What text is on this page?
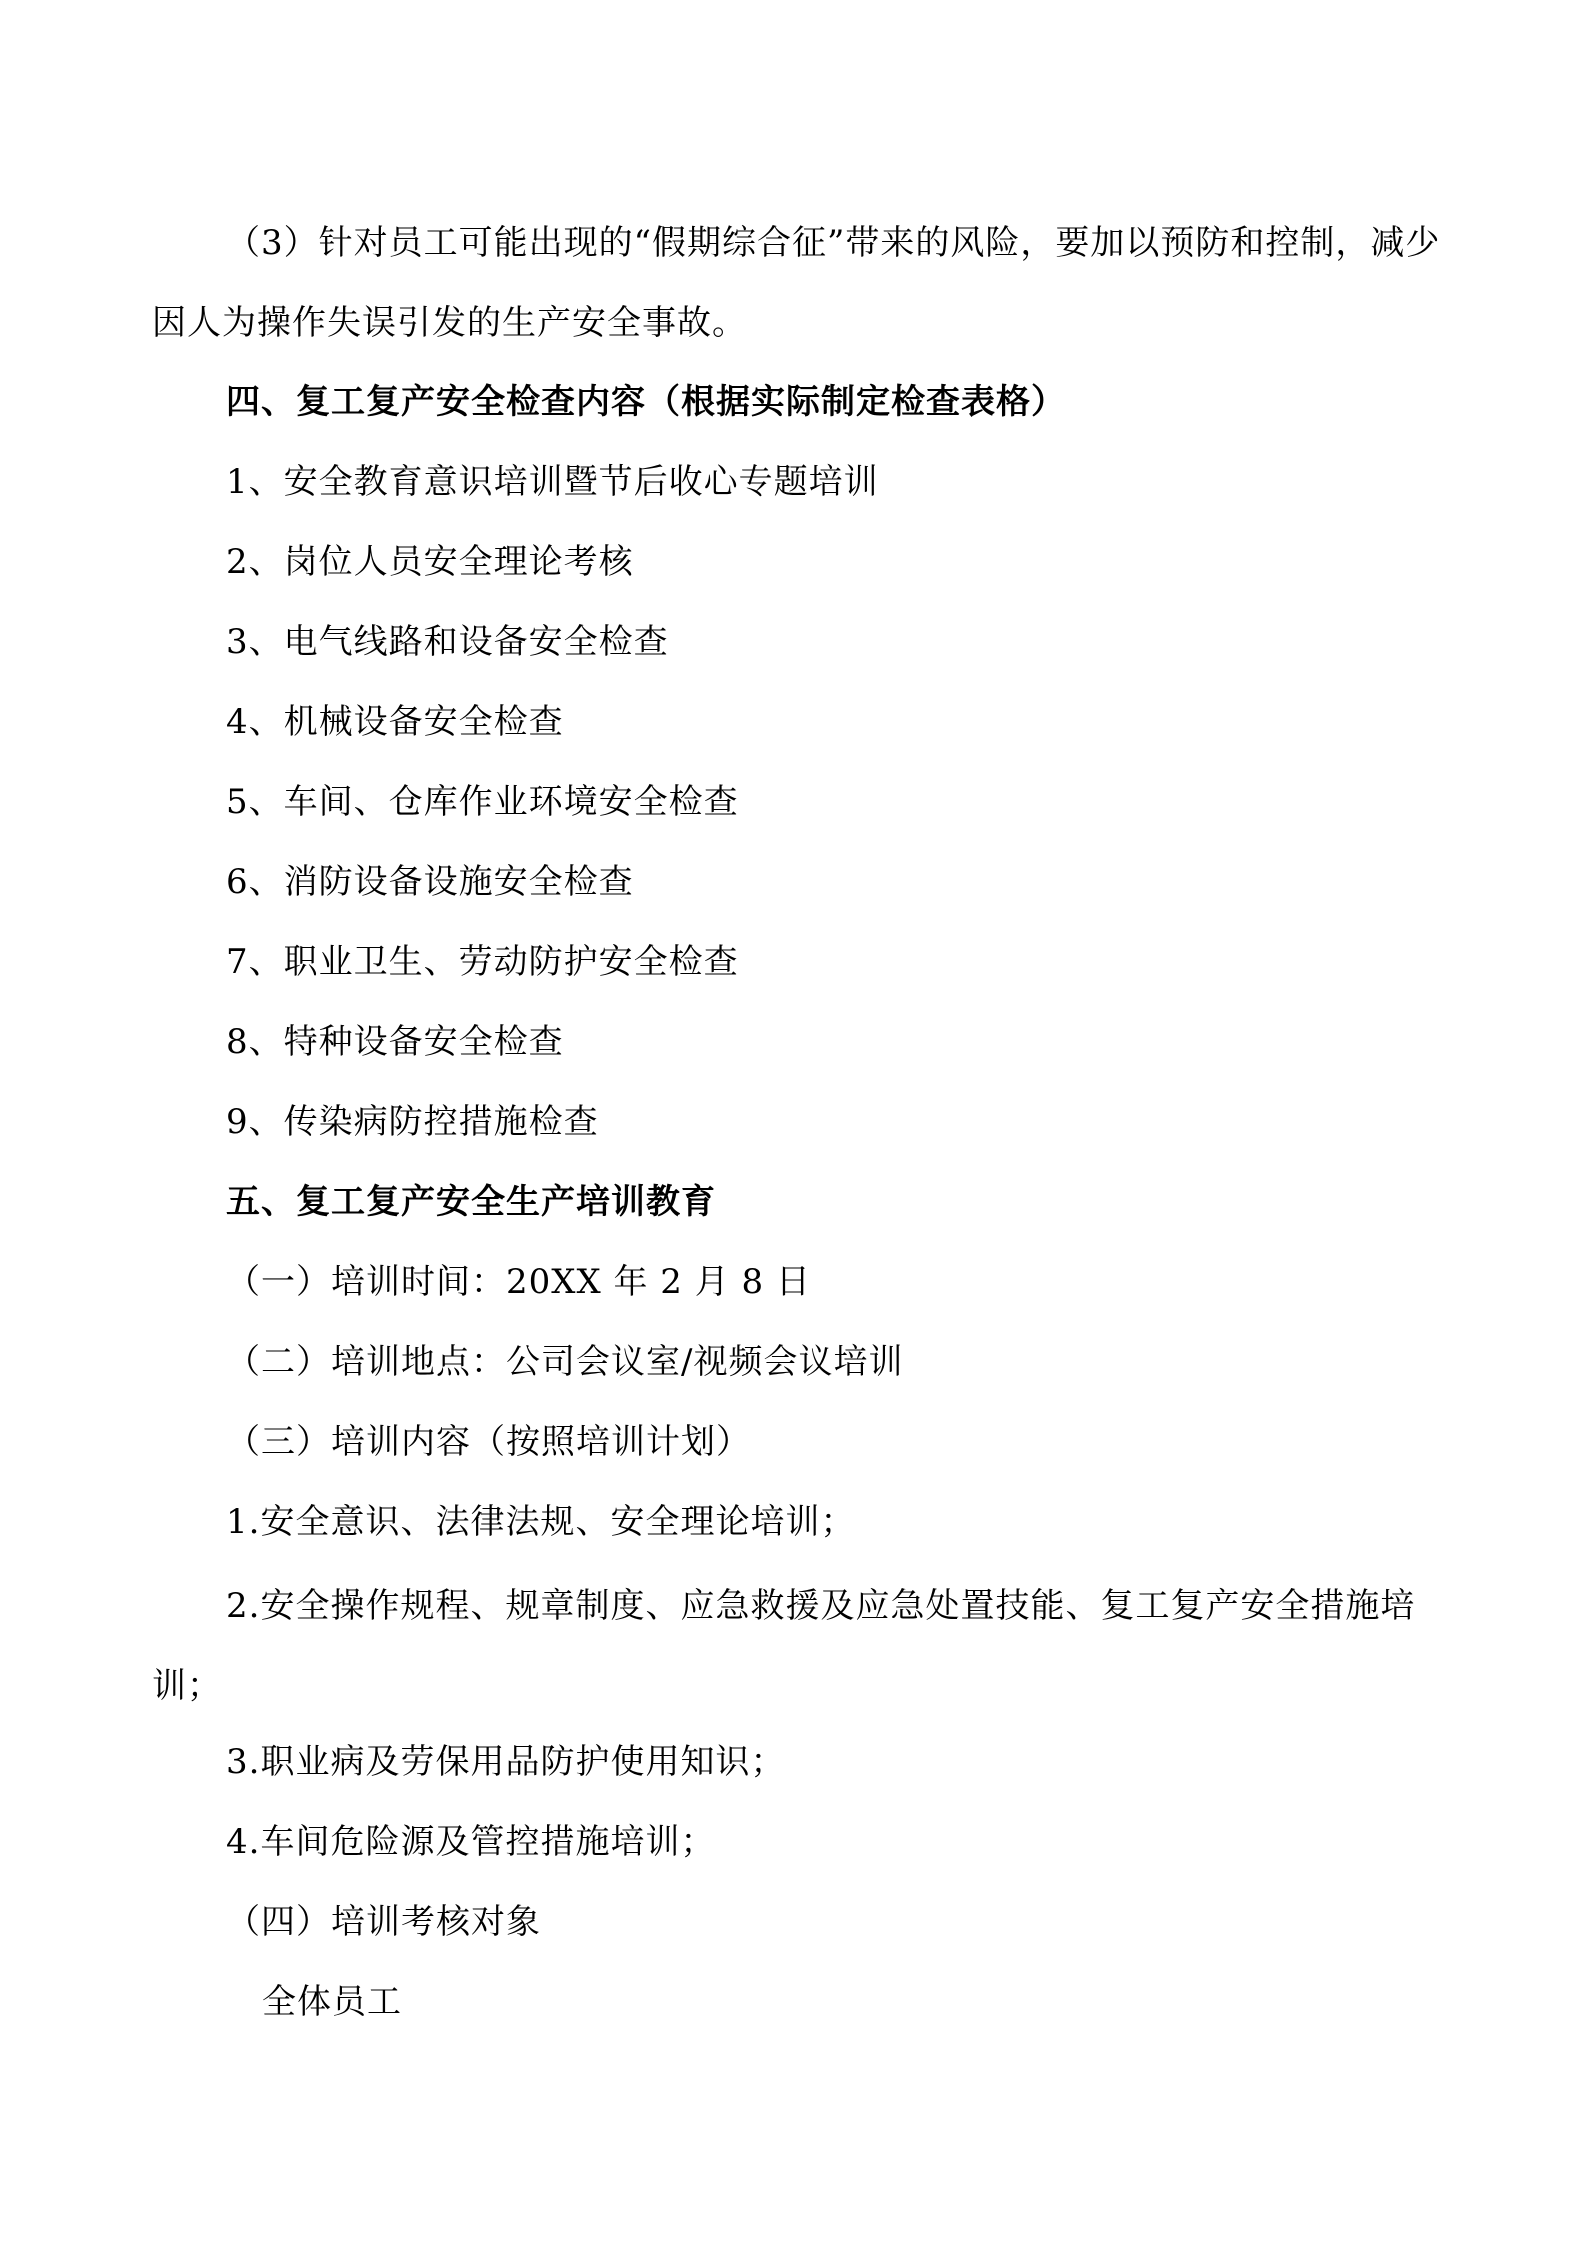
（3）针对员工可能出现的“假期综合征”带来的风险，要加以预防和控制，减少因人为操作失误引发的生产安全事故。
四、复工复产安全检查内容（根据实际制定检查表格）
1、安全教育意识培训暨节后收心专题培训
2、岗位人员安全理论考核
3、电气线路和设备安全检查
4、机械设备安全检查
5、车间、仓库作业环境安全检查
6、消防设备设施安全检查
7、职业卫生、劳动防护安全检查
8、特种设备安全检查
9、传染病防控措施检查
五、复工复产安全生产培训教育
（一）培训时间：20XX 年 2 月 8 日
（二）培训地点：公司会议室/视频会议培训
（三）培训内容（按照培训计划）
1.安全意识、法律法规、安全理论培训；
2.安全操作规程、规章制度、应急救援及应急处置技能、复工复产安全措施培训；
3.职业病及劳保用品防护使用知识；
4.车间危险源及管控措施培训；
（四）培训考核对象
全体员工
